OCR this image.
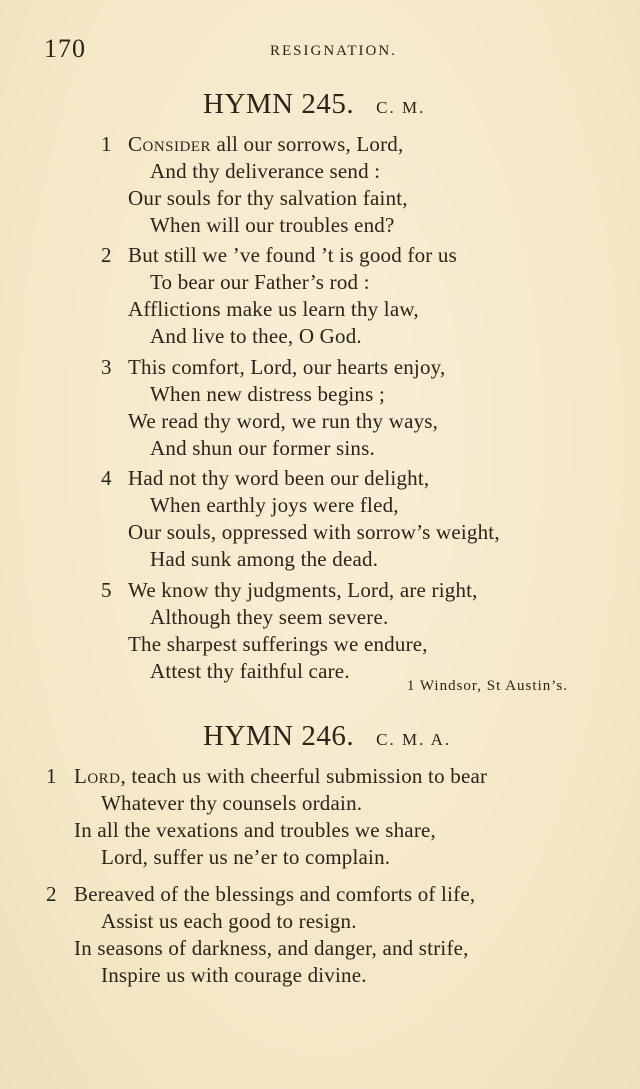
170	RESIGNATION.
HYMN 245. C. M.
1 Consider all our sorrows, Lord,
And thy deliverance send :
Our souls for thy salvation faint,
When will our troubles end?
2 But still we ’ve found ’t is good for us
To bear our Father’s rod :
Afflictions make us learn thy law,
And live to thee, O God.
3 This comfort, Lord, our hearts enjoy,
When new distress begins ;
We read thy word, we run thy ways,
And shun our former sins.
4 Had not thy word been our delight,
When earthly joys were fled,
Our souls, oppressed with sorrow’s weight,
Had sunk among the dead.
5 We know thy judgments, Lord, are right,
Although they seem severe.
The sharpest sufferings we endure,
Attest thy faithful care.
1 Windsor, St Austin’s.
HYMN 246. C. M. A.
1 Lord, teach us with cheerful submission to bear
Whatever thy counsels ordain.
In all the vexations and troubles we share,
Lord, suffer us ne’er to complain.
2 Bereaved of the blessings and comforts of life,
Assist us each good to resign.
In seasons of darkness, and danger, and strife,
Inspire us with courage divine.
